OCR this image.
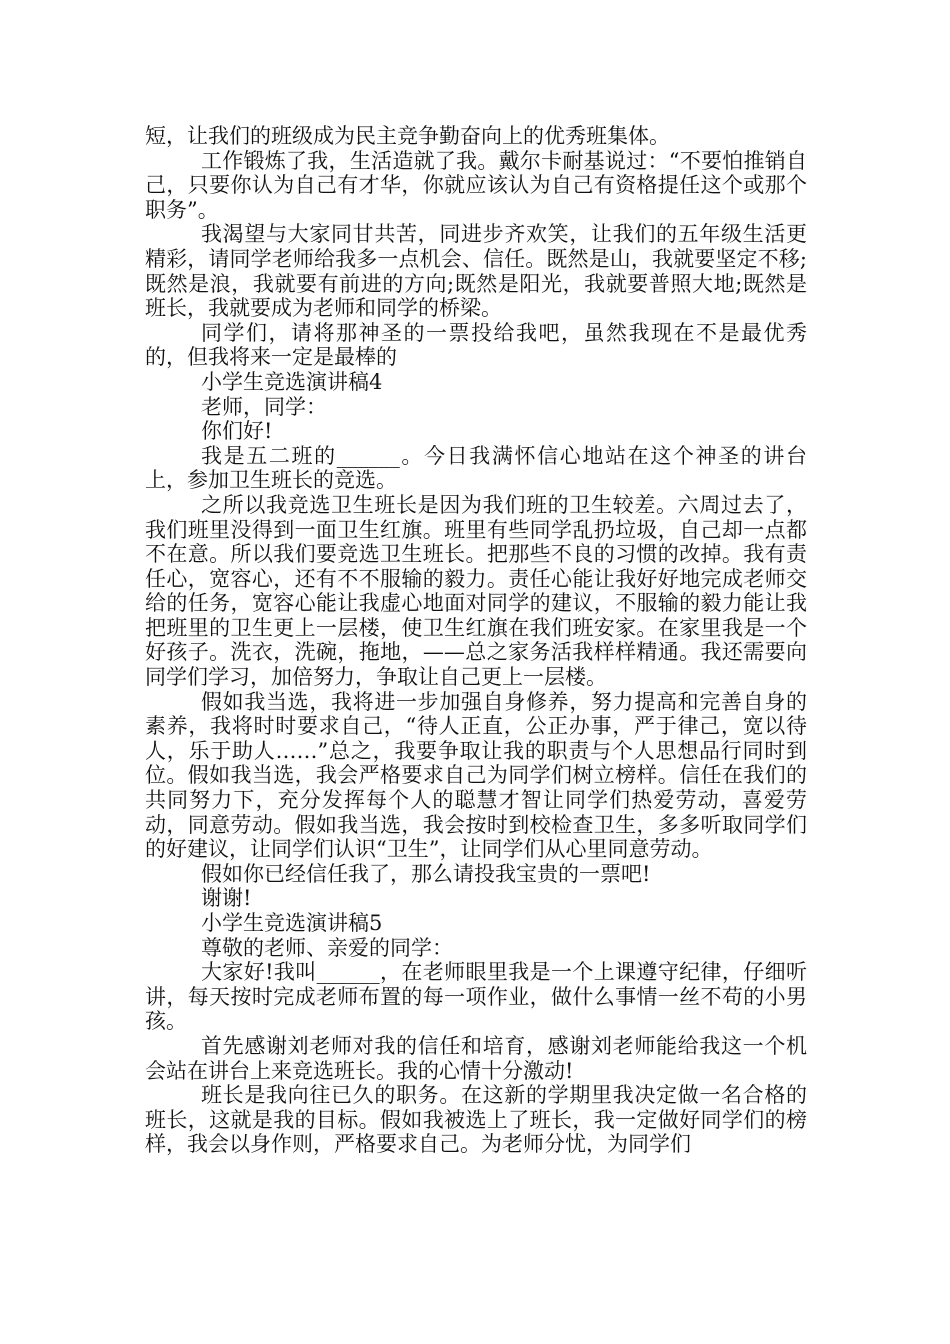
短，让我们的班级成为民主竞争勤奋向上的优秀班集体。

工作锻炼了我，生活造就了我。戴尔卡耐基说过：“不要怕推销自己，只要你认为自己有才华，你就应该认为自己有资格提任这个或那个职务”。

我渴望与大家同甘共苦，同进步齐欢笑，让我们的五年级生活更精彩，请同学老师给我多一点机会、信任。既然是山，我就要坚定不移;既然是浪，我就要有前进的方向;既然是阳光，我就要普照大地;既然是班长，我就要成为老师和同学的桥梁。

同学们，请将那神圣的一票投给我吧，虽然我现在不是最优秀的，但我将来一定是最棒的

小学生竞选演讲稿4

老师，同学：

你们好!

我是五二班的______。今日我满怀信心地站在这个神圣的讲台上，参加卫生班长的竞选。

之所以我竞选卫生班长是因为我们班的卫生较差。六周过去了，我们班里没得到一面卫生红旗。班里有些同学乱扔垃圾，自己却一点都不在意。所以我们要竞选卫生班长。把那些不良的习惯的改掉。我有责任心，宽容心，还有不不服输的毅力。责任心能让我好好地完成老师交给的任务，宽容心能让我虚心地面对同学的建议，不服输的毅力能让我把班里的卫生更上一层楼，使卫生红旗在我们班安家。在家里我是一个好孩子。洗衣，洗碗，拖地，——总之家务活我样样精通。我还需要向同学们学习，加倍努力，争取让自己更上一层楼。

假如我当选，我将进一步加强自身修养，努力提高和完善自身的素养，我将时时要求自己，“待人正直，公正办事，严于律己，宽以待人，乐于助人……”总之，我要争取让我的职责与个人思想品行同时到位。假如我当选，我会严格要求自己为同学们树立榜样。信任在我们的共同努力下，充分发挥每个人的聪慧才智让同学们热爱劳动，喜爱劳动，同意劳动。假如我当选，我会按时到校检查卫生，多多听取同学们的好建议，让同学们认识“卫生”，让同学们从心里同意劳动。

假如你已经信任我了，那么请投我宝贵的一票吧!

谢谢!

小学生竞选演讲稿5

尊敬的老师、亲爱的同学：

大家好!我叫______，在老师眼里我是一个上课遵守纪律，仔细听讲，每天按时完成老师布置的每一项作业，做什么事情一丝不苟的小男孩。

首先感谢刘老师对我的信任和培育，感谢刘老师能给我这一个机会站在讲台上来竞选班长。我的心情十分激动!

班长是我向往已久的职务。在这新的学期里我决定做一名合格的班长，这就是我的目标。假如我被选上了班长，我一定做好同学们的榜样，我会以身作则，严格要求自己。为老师分忧，为同学们
